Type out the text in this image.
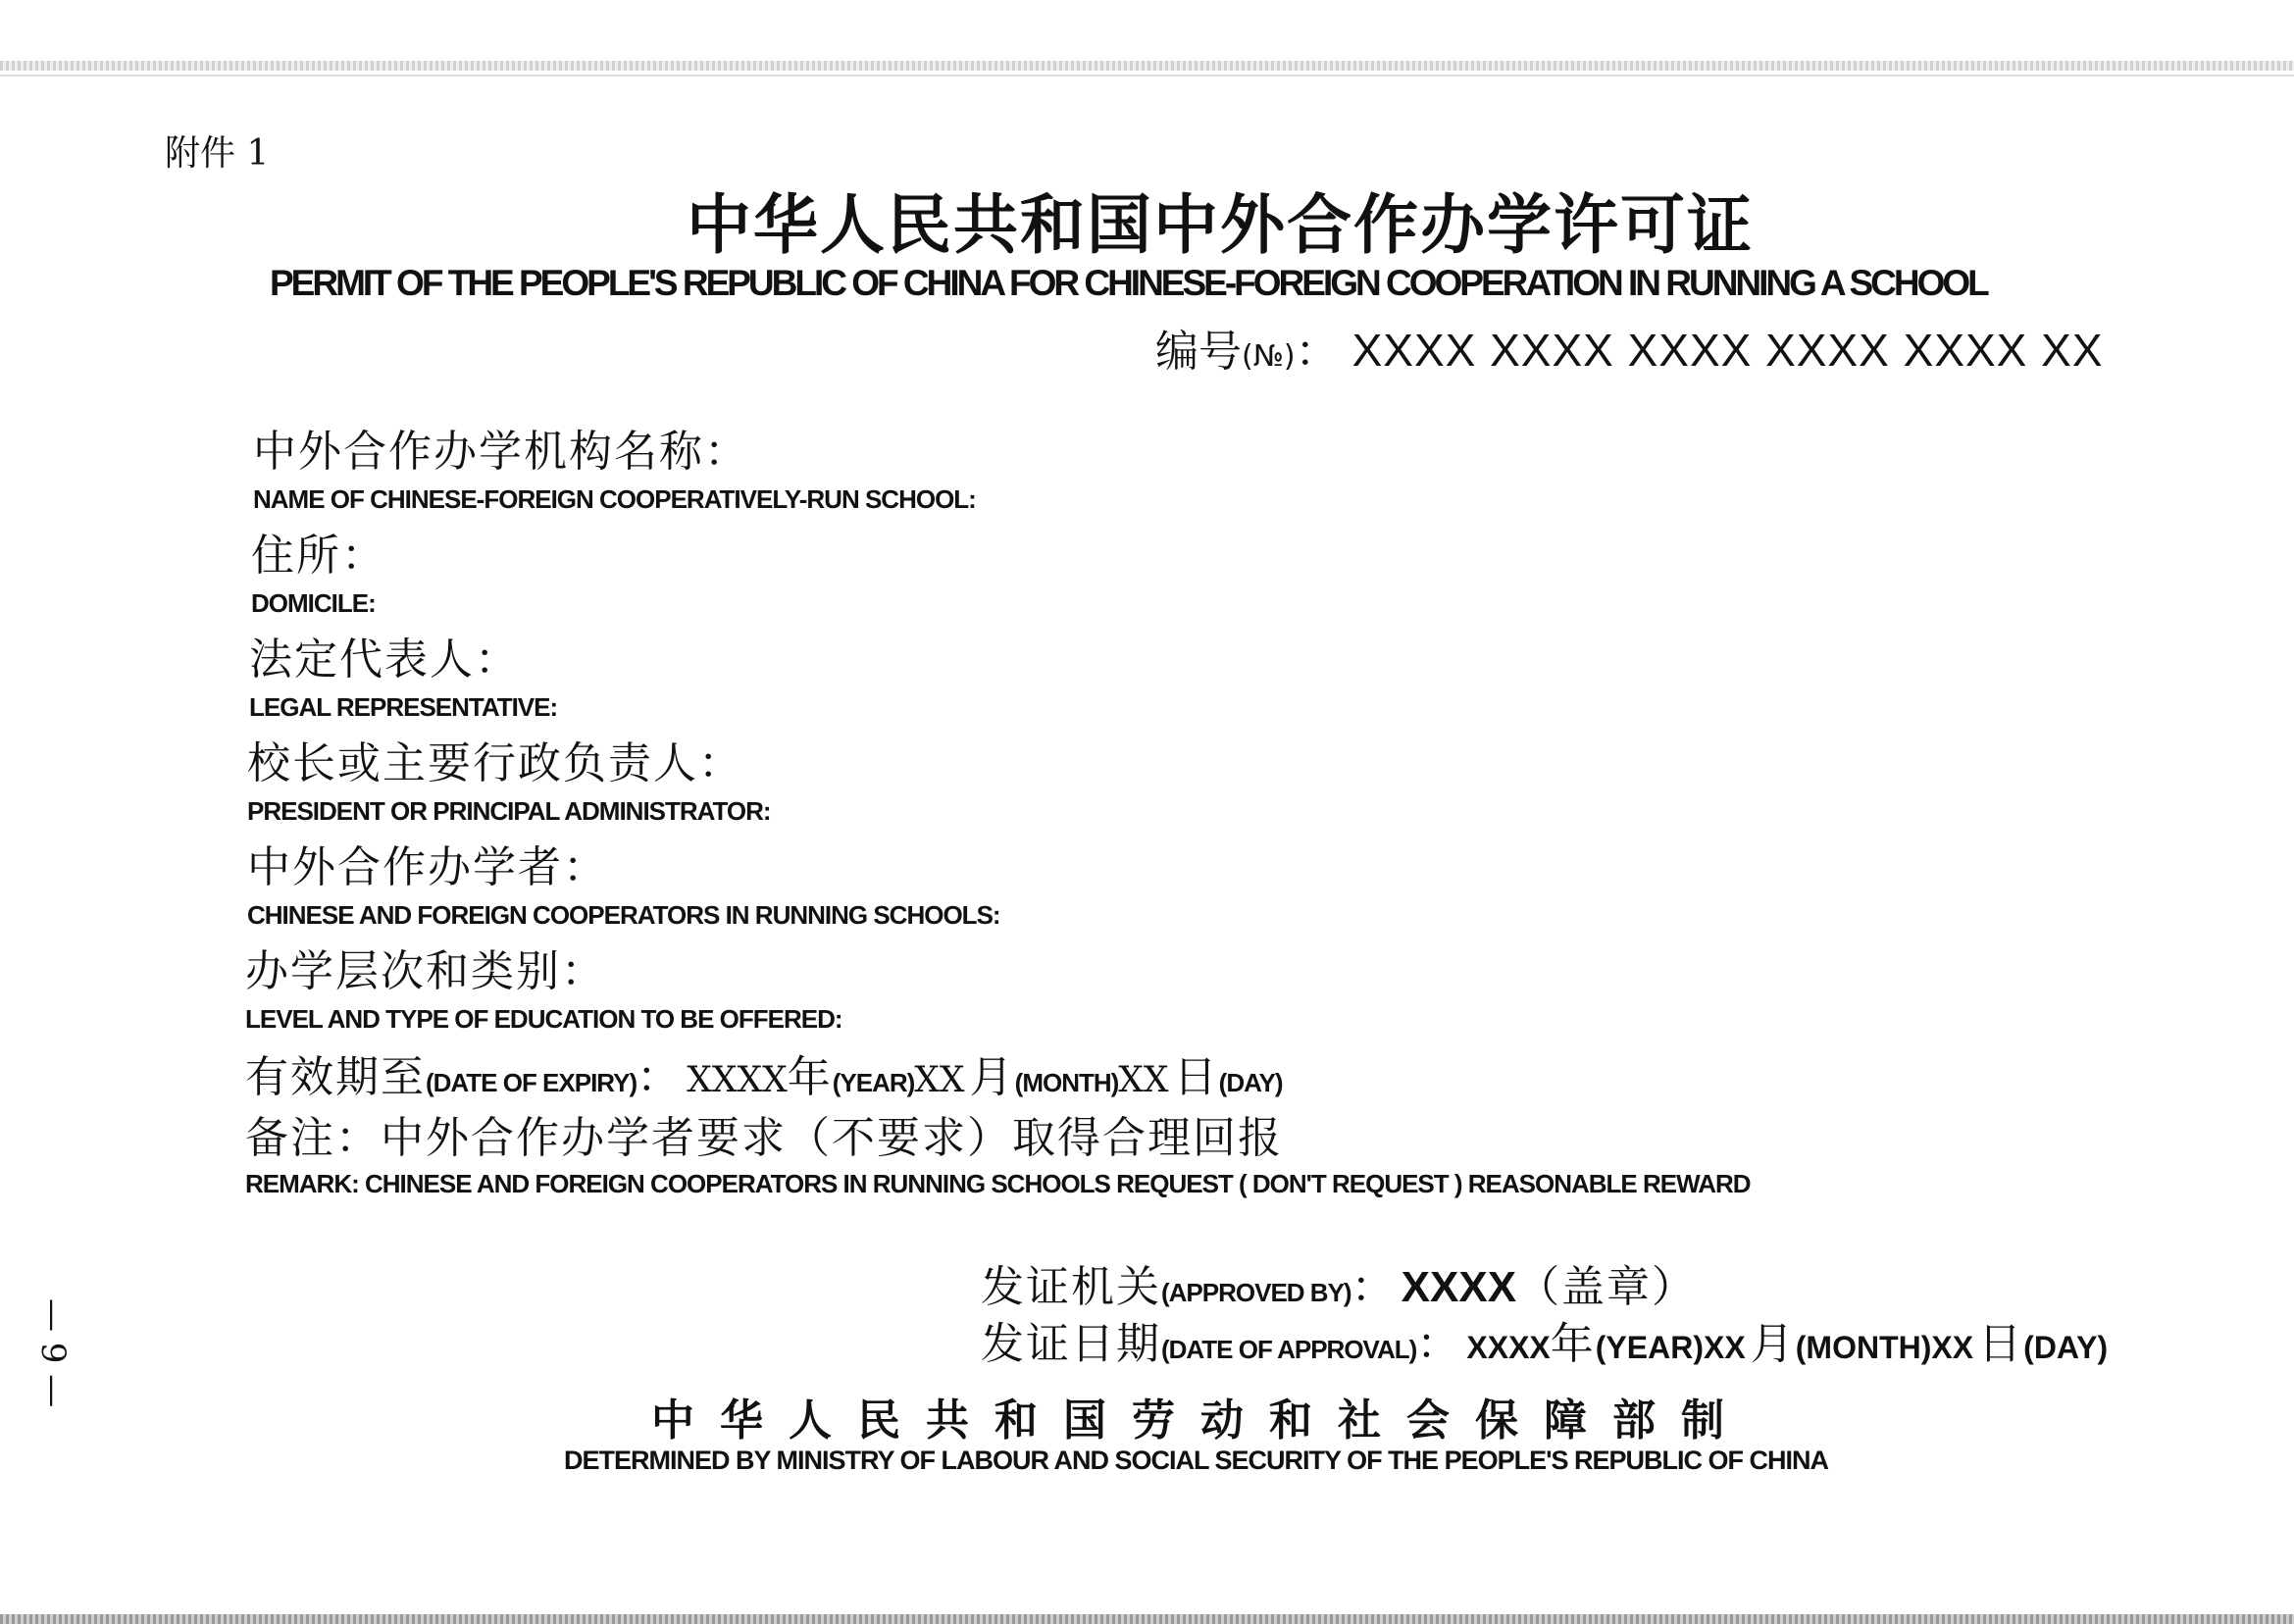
附件 1
中华人民共和国中外合作办学许可证
PERMIT OF THE PEOPLE'S REPUBLIC OF CHINA FOR CHINESE-FOREIGN COOPERATION IN RUNNING A SCHOOL
编号(№)： XXXX XXXX XXXX XXXX XXXX XX
中外合作办学机构名称：
NAME OF CHINESE-FOREIGN COOPERATIVELY-RUN SCHOOL:
住所：
DOMICILE:
法定代表人：
LEGAL REPRESENTATIVE:
校长或主要行政负责人：
PRESIDENT OR PRINCIPAL ADMINISTRATOR:
中外合作办学者：
CHINESE AND FOREIGN COOPERATORS IN RUNNING SCHOOLS:
办学层次和类别：
LEVEL AND TYPE OF EDUCATION TO BE OFFERED:
有效期至(DATE OF EXPIRY)： XXXX年(YEAR)XX 月(MONTH)XX 日(DAY)
备注：中外合作办学者要求（不要求）取得合理回报
REMARK: CHINESE AND FOREIGN COOPERATORS IN RUNNING SCHOOLS REQUEST ( DON'T REQUEST ) REASONABLE REWARD
发证机关(APPROVED BY)： XXXX（盖章）
发证日期(DATE OF APPROVAL)： XXXX年(YEAR)XX 月(MONTH)XX 日(DAY)
中华人民共和国劳动和社会保障部制
DETERMINED BY MINISTRY OF LABOUR AND SOCIAL SECURITY OF THE PEOPLE'S REPUBLIC OF CHINA
— 9 —
